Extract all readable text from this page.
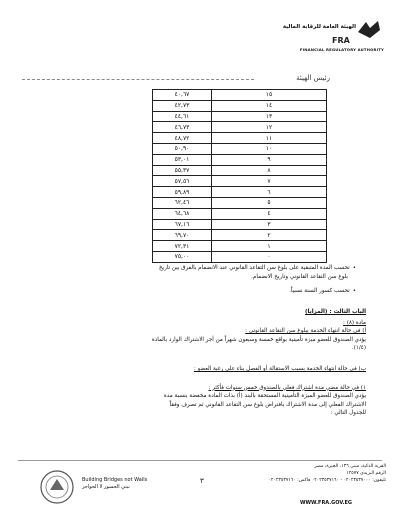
الهيئة العامة للرقابة المالية
FRA
FINANCIAL REGULATORY AUTHORITY
رئيس الهيئة
٤٠,٦٧	١٥
٤٢,٧٣	١٤
٤٤,٦١	١٣
٤٦,٧٣	١٢
٤٨,٧٢	١١
٥٠,٩٠	١٠
٥٣,٠١	٩
٥٥,٣٧	٨
٥٧,٥٦	٧
٥٩,٨٩	٦
٦٢,٤٦	٥
٦٤,٦٨	٤
٦٧,١٦	٣
٦٩,٧٠	٢
٧٢,٣١	١
٧٥,٠٠	٠
• تحسب المدة المتبقية على بلوغ سن التقاعد القانوني عند الانضمام بالفرق بين تاريخ
بلوغ سن التقاعد القانوني وتاريخ الانضمام.
• تحسب كسور السنة نسبياً.
الباب الثالث : (المزايا)
مادة (٨) :
أ) في حالة انتهاء الخدمة ببلوغ سن التقاعد القانوني :
يؤدي الصندوق للعضو ميزة تأمينية بواقع خمسة وسبعون شهراً من أجر الاشتراك الوارد بالمادة
(١/٤).
ب) في حالة انتهاء الخدمة بسبب الاستقالة أو الفصل بناء على رغبة العضو :
١) في حالة مضي مدة اشتراك فعلي بالصندوق خمس سنوات فأكثر :
يؤدي الصندوق للعضو الميزة التأمينية المستحقة بالبند (أ) بذات المادة مخفضة بنسبة مدة
الاشتراك الفعلي إلى مدة الاشتراك بافتراض بلوغ سن التقاعد القانوني ثم تصرف وفقاً
للجدول التالي :
Building Bridges not Walls
نبني الجسور لا الحواجز
٣
القرية الذكية، مبنى ١٣٦، الجيزة، مصر
الرقم البريدي ١٢٥٧٧
تليفون: ٠٢٠٢٣٥٣٧٠٠٠ - ٠٢٠٢٣٥٣٧١٦٠ فاكس: ٠٢٠٢٣٥٣٧١٦٠
WWW.FRA.GOV.EG
